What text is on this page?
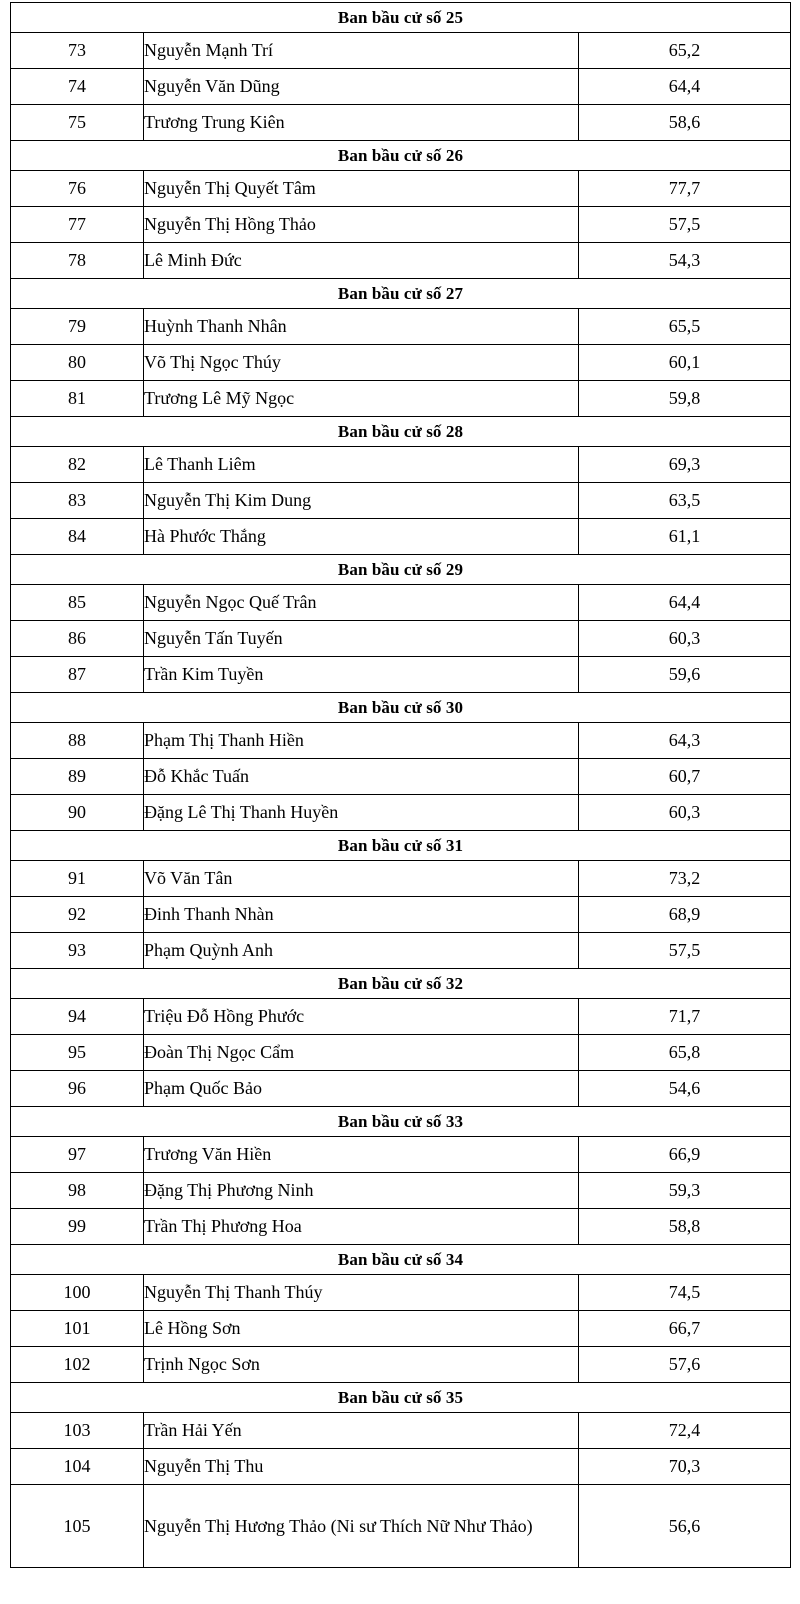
Ban bầu cử số 25		
73	Nguyễn Mạnh Trí	65,2
74	Nguyễn Văn Dũng	64,4
75	Trương Trung Kiên	58,6
Ban bầu cử số 26		
76	Nguyễn Thị Quyết Tâm	77,7
77	Nguyễn Thị Hồng Thảo	57,5
78	Lê Minh Đức	54,3
Ban bầu cử số 27		
79	Huỳnh Thanh Nhân	65,5
80	Võ Thị Ngọc Thúy	60,1
81	Trương Lê Mỹ Ngọc	59,8
Ban bầu cử số 28		
82	Lê Thanh Liêm	69,3
83	Nguyễn Thị Kim Dung	63,5
84	Hà Phước Thắng	61,1
Ban bầu cử số 29		
85	Nguyễn Ngọc Quế Trân	64,4
86	Nguyễn Tấn Tuyến	60,3
87	Trần Kim Tuyền	59,6
Ban bầu cử số 30		
88	Phạm Thị Thanh Hiền	64,3
89	Đỗ Khắc Tuấn	60,7
90	Đặng Lê Thị Thanh Huyền	60,3
Ban bầu cử số 31		
91	Võ Văn Tân	73,2
92	Đinh Thanh Nhàn	68,9
93	Phạm Quỳnh Anh	57,5
Ban bầu cử số 32		
94	Triệu Đỗ Hồng Phước	71,7
95	Đoàn Thị Ngọc Cẩm	65,8
96	Phạm Quốc Bảo	54,6
Ban bầu cử số 33		
97	Trương Văn Hiền	66,9
98	Đặng Thị Phương Ninh	59,3
99	Trần Thị Phương Hoa	58,8
Ban bầu cử số 34		
100	Nguyễn Thị Thanh Thúy	74,5
101	Lê Hồng Sơn	66,7
102	Trịnh Ngọc Sơn	57,6
Ban bầu cử số 35		
103	Trần Hải Yến	72,4
104	Nguyễn Thị Thu	70,3
105	Nguyễn Thị Hương Thảo (Ni sư Thích Nữ Như Thảo)	56,6
